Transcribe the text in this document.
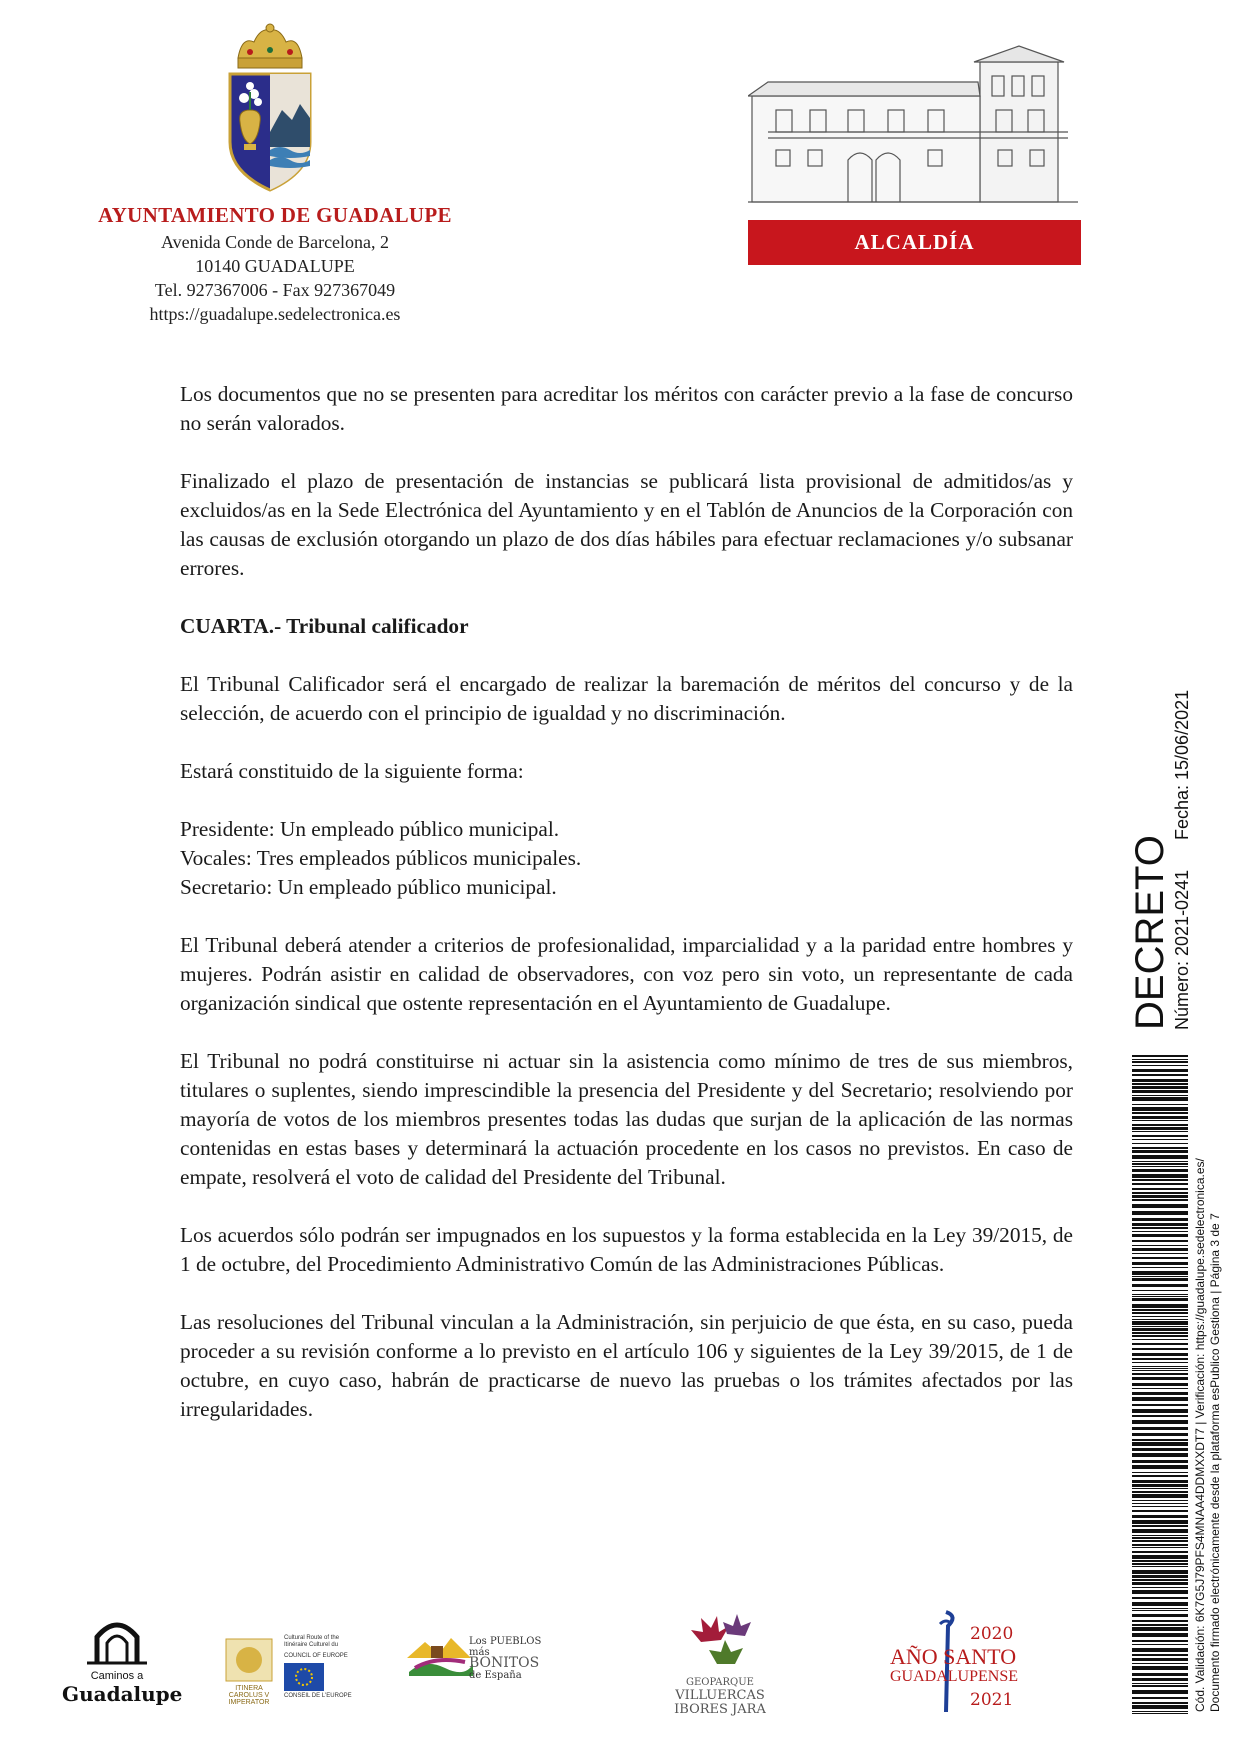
AYUNTAMIENTO DE GUADALUPE
Avenida Conde de Barcelona, 2
10140 GUADALUPE
Tel. 927367006 - Fax 927367049
https://guadalupe.sedelectronica.es
ALCALDÍA

Los documentos que no se presenten para acreditar los méritos con carácter previo a la fase de concurso no serán valorados.

Finalizado el plazo de presentación de instancias se publicará lista provisional de admitidos/as y excluidos/as en la Sede Electrónica del Ayuntamiento y en el Tablón de Anuncios de la Corporación con las causas de exclusión otorgando un plazo de dos días hábiles para efectuar reclamaciones y/o subsanar errores.

CUARTA.- Tribunal calificador

El Tribunal Calificador será el encargado de realizar la baremación de méritos del concurso y de la selección, de acuerdo con el principio de igualdad y no discriminación.

Estará constituido de la siguiente forma:

Presidente: Un empleado público municipal.
Vocales: Tres empleados públicos municipales.
Secretario: Un empleado público municipal.

El Tribunal deberá atender a criterios de profesionalidad, imparcialidad y a la paridad entre hombres y mujeres. Podrán asistir en calidad de observadores, con voz pero sin voto, un representante de cada organización sindical que ostente representación en el Ayuntamiento de Guadalupe.

El Tribunal no podrá constituirse ni actuar sin la asistencia como mínimo de tres de sus miembros, titulares o suplentes, siendo imprescindible la presencia del Presidente y del Secretario; resolviendo por mayoría de votos de los miembros presentes todas las dudas que surjan de la aplicación de las normas contenidas en estas bases y determinará la actuación procedente en los casos no previstos. En caso de empate, resolverá el voto de calidad del Presidente del Tribunal.

Los acuerdos sólo podrán ser impugnados en los supuestos y la forma establecida en la Ley 39/2015, de 1 de octubre, del Procedimiento Administrativo Común de las Administraciones Públicas.

Las resoluciones del Tribunal vinculan a la Administración, sin perjuicio de que ésta, en su caso, pueda proceder a su revisión conforme a lo previsto en el artículo 106 y siguientes de la Ley 39/2015, de 1 de octubre, en cuyo caso, habrán de practicarse de nuevo las pruebas o los trámites afectados por las irregularidades.

DECRETO Número: 2021-0241
Fecha: 15/06/2021
Cód. Validación: 6K7G5J79PFS4MNAA4DDMXXDT7 | Verificación: https://guadalupe.sedelectronica.es/ Documento firmado electrónicamente desde la plataforma esPublico Gestiona | Página 3 de 7
Caminos a
Guadalupe	ITINERA
CAROLUS V
IMPERATOR
Cultural Route of the
Itinéraire Culturel du
COUNCIL OF EUROPE
CONSEIL DE L'EUROPE
Los PUEBLOS más
BONITOS
de España
GEOPARQUE
VILLUERCAS
IBORES JARA
2020
AÑO SANTO
GUADALUPENSE
2021
